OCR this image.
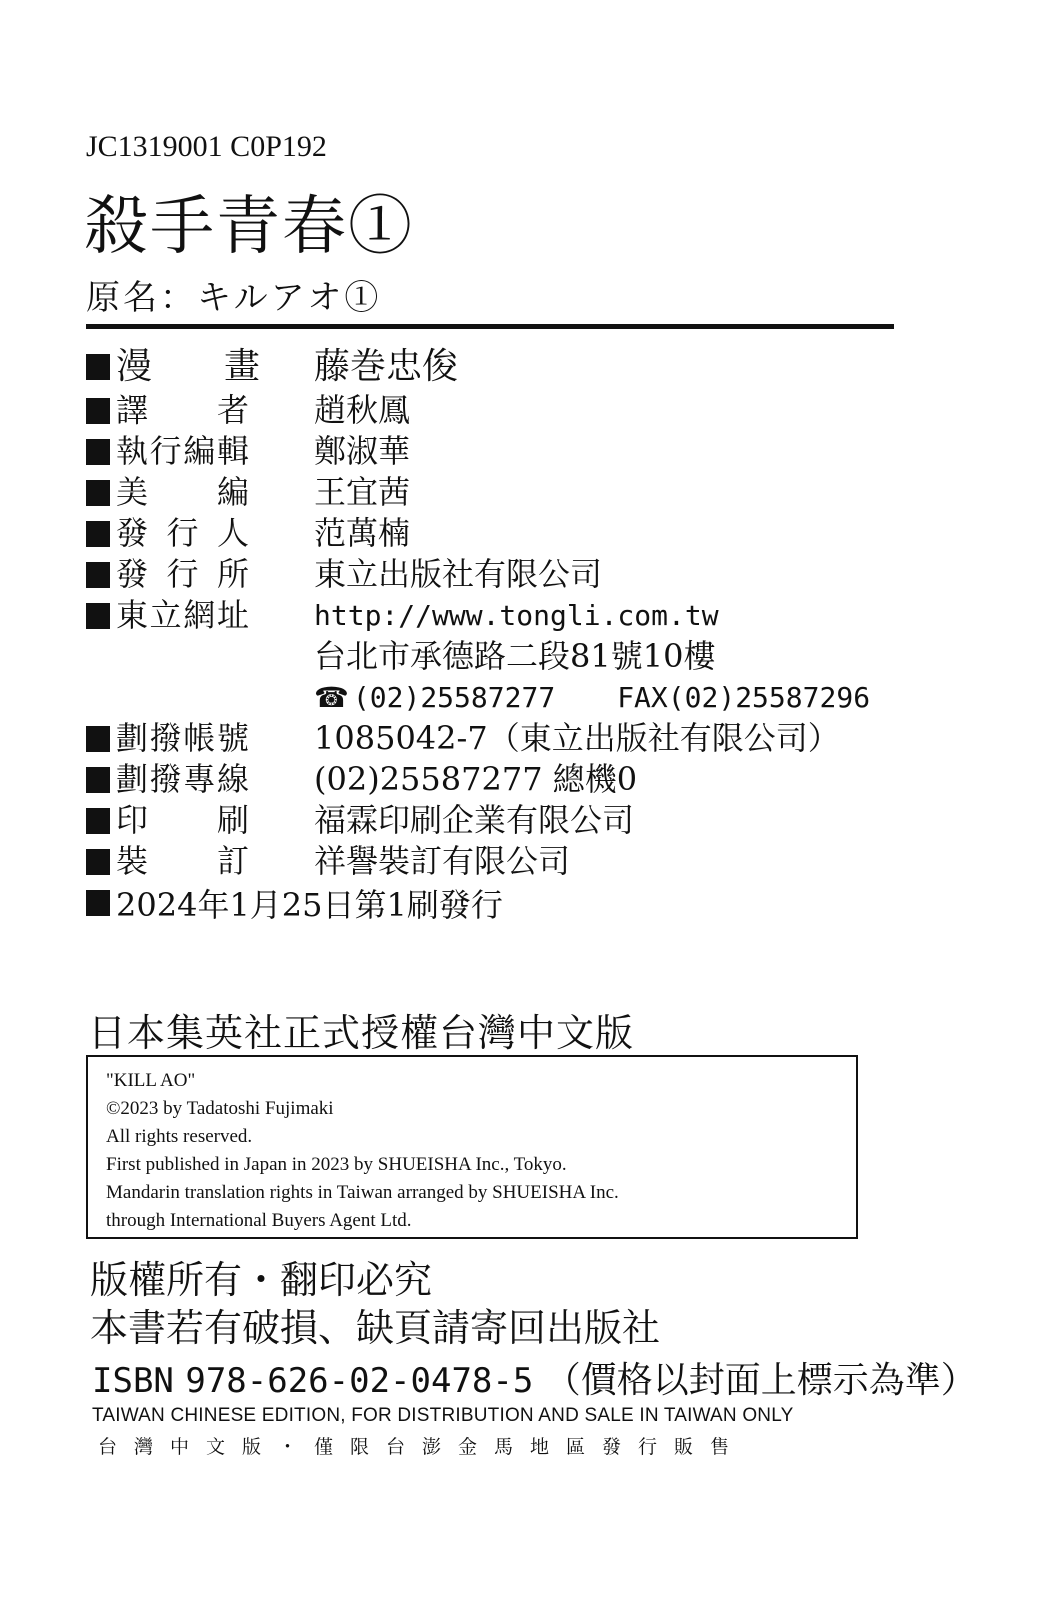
JC1319001 C0P192
殺手青春①
原名：キルアオ①
漫　　畫 藤巻忠俊
譯　　者 趙秋鳳
執行編輯 鄭淑華
美　　編 王宜茜
發 行 人 范萬楠
發 行 所 東立出版社有限公司
東立網址 http://www.tongli.com.tw
台北市承德路二段81號10樓
☎ (02)25587277 FAX(02)25587296
劃撥帳號 1085042-7（東立出版社有限公司）
劃撥專線 (02)25587277 總機0
印　　刷 福霖印刷企業有限公司
裝　　訂 祥譽裝訂有限公司
2024年1月25日第1刷發行
日本集英社正式授權台灣中文版
"KILL AO"
©2023 by Tadatoshi Fujimaki
All rights reserved.
First published in Japan in 2023 by SHUEISHA Inc., Tokyo.
Mandarin translation rights in Taiwan arranged by SHUEISHA Inc.
through International Buyers Agent Ltd.
版權所有・翻印必究
本書若有破損、缺頁請寄回出版社
ISBN 978-626-02-0478-5 （價格以封面上標示為準）
TAIWAN CHINESE EDITION, FOR DISTRIBUTION AND SALE IN TAIWAN ONLY
台灣中文版・僅限台澎金馬地區發行販售
